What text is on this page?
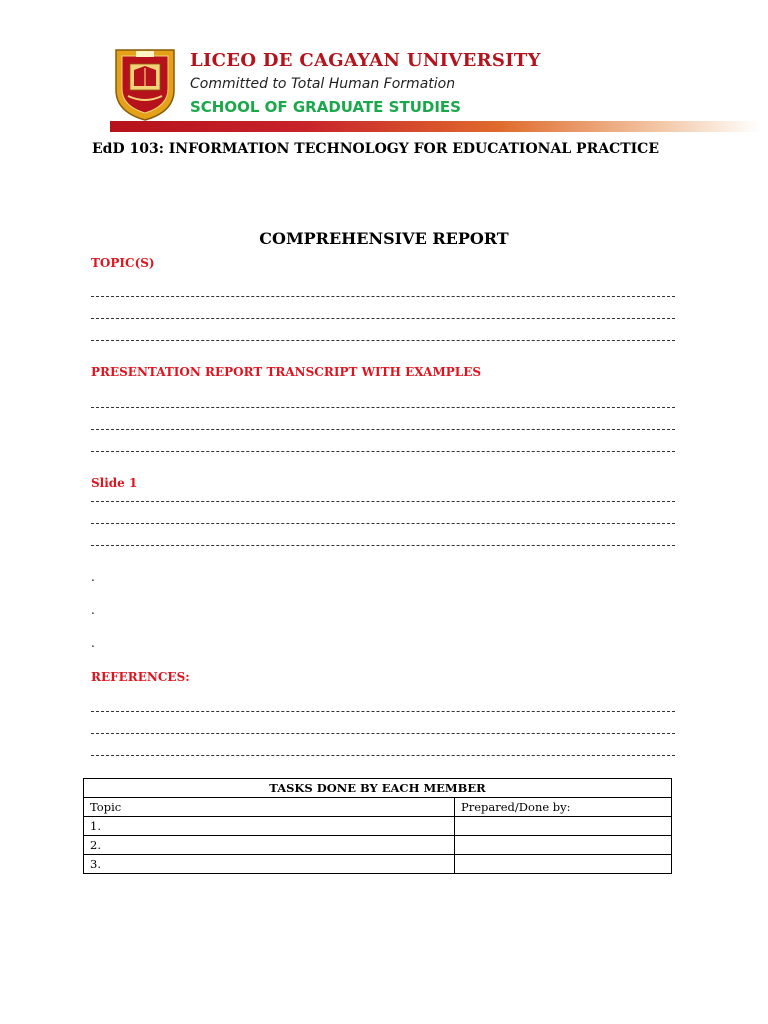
LICEO DE CAGAYAN UNIVERSITY
Committed to Total Human Formation
SCHOOL OF GRADUATE STUDIES
EdD 103: INFORMATION TECHNOLOGY FOR EDUCATIONAL PRACTICE
COMPREHENSIVE REPORT
TOPIC(S)
PRESENTATION REPORT TRANSCRIPT WITH EXAMPLES
Slide 1
.
.
.
REFERENCES:
TASKS DONE BY EACH MEMBER	
Topic	Prepared/Done by:
1.	
2.	
3.	
